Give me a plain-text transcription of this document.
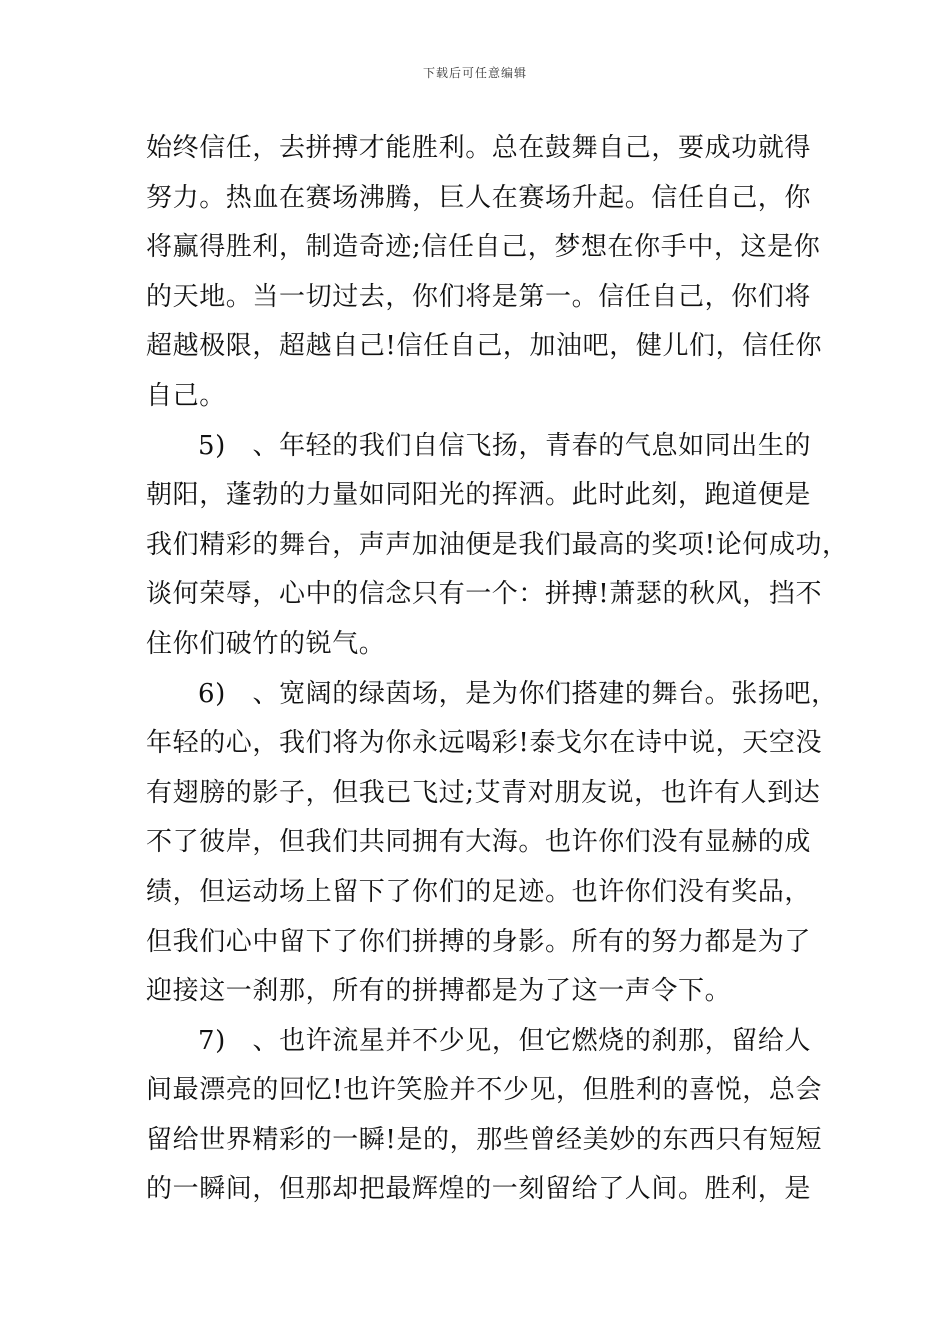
下载后可任意编辑
始终信任，去拼搏才能胜利。总在鼓舞自己，要成功就得
努力。热血在赛场沸腾，巨人在赛场升起。信任自己，你
将赢得胜利，制造奇迹;信任自己，梦想在你手中，这是你
的天地。当一切过去，你们将是第一。信任自己，你们将
超越极限，超越自己!信任自己，加油吧，健儿们，信任你
自己。
5)　、年轻的我们自信飞扬，青春的气息如同出生的
朝阳，蓬勃的力量如同阳光的挥洒。此时此刻，跑道便是
我们精彩的舞台，声声加油便是我们最高的奖项!论何成功，
谈何荣辱，心中的信念只有一个：拼搏!萧瑟的秋风，挡不
住你们破竹的锐气。
6)　、宽阔的绿茵场，是为你们搭建的舞台。张扬吧，
年轻的心，我们将为你永远喝彩!泰戈尔在诗中说，天空没
有翅膀的影子，但我已飞过;艾青对朋友说，也许有人到达
不了彼岸，但我们共同拥有大海。也许你们没有显赫的成
绩，但运动场上留下了你们的足迹。也许你们没有奖品，
但我们心中留下了你们拼搏的身影。所有的努力都是为了
迎接这一刹那，所有的拼搏都是为了这一声令下。
7)　、也许流星并不少见，但它燃烧的刹那，留给人
间最漂亮的回忆!也许笑脸并不少见，但胜利的喜悦，总会
留给世界精彩的一瞬!是的，那些曾经美妙的东西只有短短
的一瞬间，但那却把最辉煌的一刻留给了人间。胜利，是
